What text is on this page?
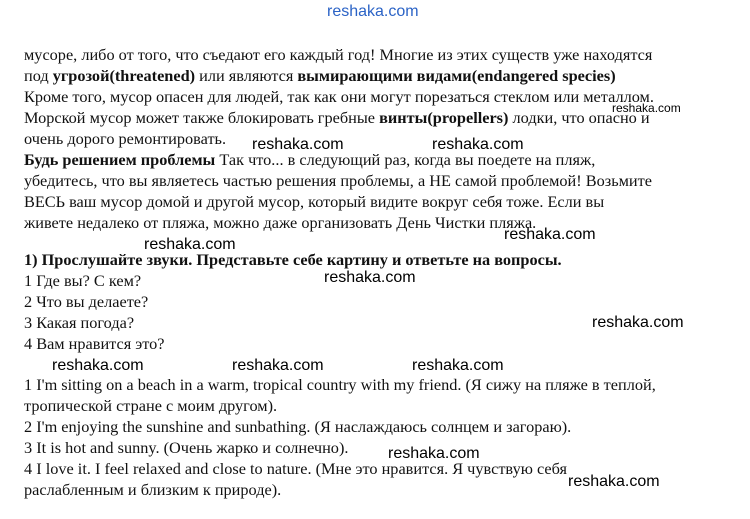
мусоре, либо от того, что съедают его каждый год! Многие из этих существ уже находятся
под угрозой(threatened) или являются вымирающими видами(endangered species)
Кроме того, мусор опасен для людей, так как они могут порезаться стеклом или металлом.
Морской мусор может также блокировать гребные винты(propellers) лодки, что опасно и
очень дорого ремонтировать.
Будь решением проблемы Так что... в следующий раз, когда вы поедете на пляж,
убедитесь, что вы являетесь частью решения проблемы, а НЕ самой проблемой! Возьмите
ВЕСЬ ваш мусор домой и другой мусор, который видите вокруг себя тоже. Если вы
живете недалеко от пляжа, можно даже организовать День Чистки пляжа.
1) Прослушайте звуки. Представьте себе картину и ответьте на вопросы.
1 Где вы? С кем?
2 Что вы делаете?
3 Какая погода?
4 Вам нравится это?
1 I'm sitting on a beach in a warm, tropical country with my friend. (Я сижу на пляже в теплой,
тропической стране с моим другом).
2 I'm enjoying the sunshine and sunbathing. (Я наслаждаюсь солнцем и загораю).
3 It is hot and sunny. (Очень жарко и солнечно).
4 I love it. I feel relaxed and close to nature. (Мне это нравится. Я чувствую себя
раслабленным и близким к природе).
reshaka.com
reshaka.com
reshaka.com	reshaka.com
reshaka.com
reshaka.com
reshaka.com
reshaka.com
reshaka.com	reshaka.com	reshaka.com
reshaka.com
reshaka.com
